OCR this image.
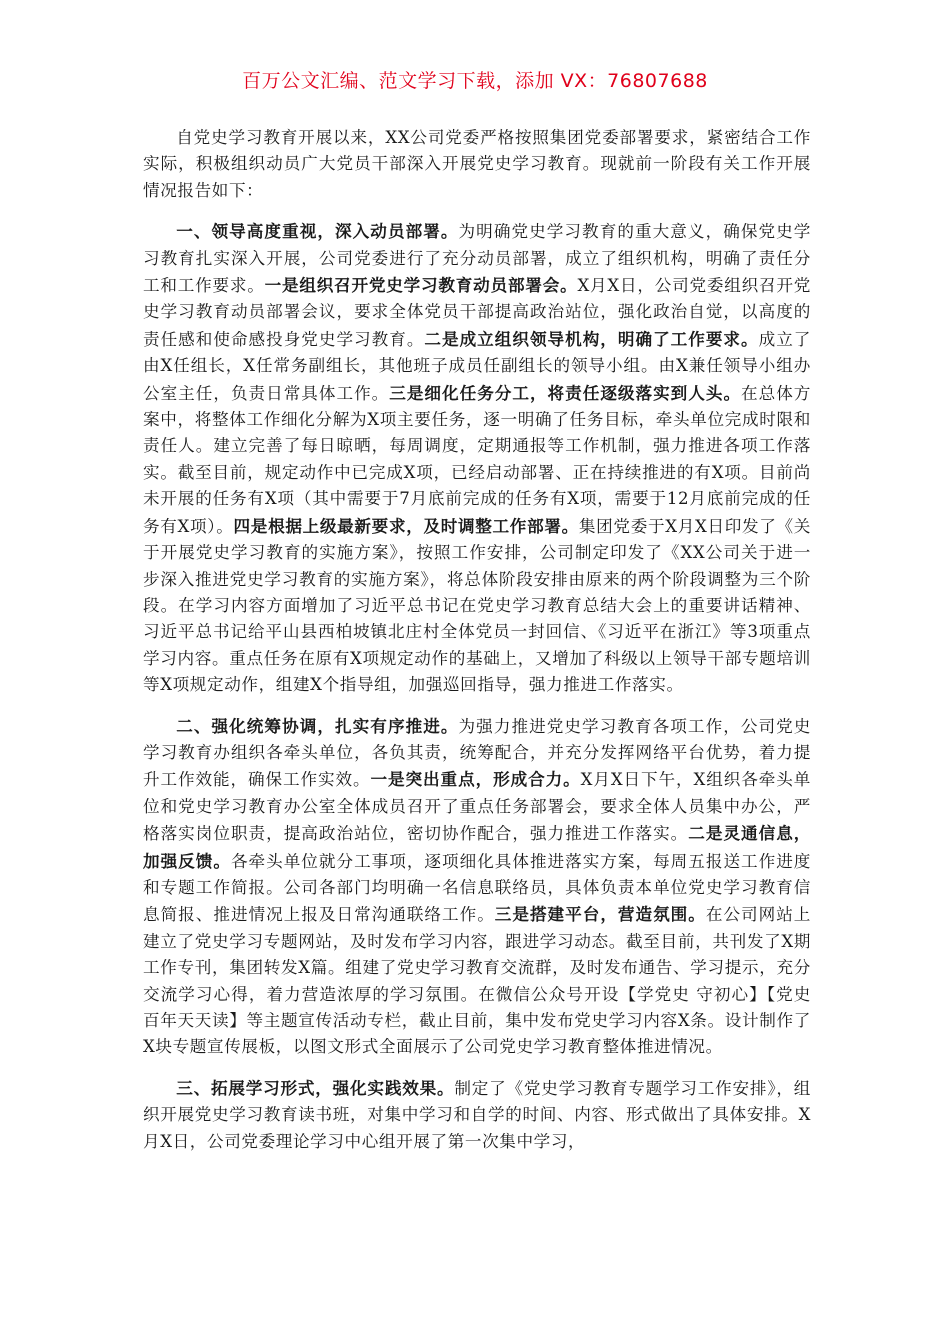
百万公文汇编、范文学习下载，添加 VX：76807688

自党史学习教育开展以来，XX公司党委严格按照集团党委部署要求，紧密结合工作实际，积极组织动员广大党员干部深入开展党史学习教育。现就前一阶段有关工作开展情况报告如下：

一、领导高度重视，深入动员部署。为明确党史学习教育的重大意义，确保党史学习教育扎实深入开展，公司党委进行了充分动员部署，成立了组织机构，明确了责任分工和工作要求。一是组织召开党史学习教育动员部署会。X月X日，公司党委组织召开党史学习教育动员部署会议，要求全体党员干部提高政治站位，强化政治自觉，以高度的责任感和使命感投身党史学习教育。二是成立组织领导机构，明确了工作要求。成立了由X任组长，X任常务副组长，其他班子成员任副组长的领导小组。由X兼任领导小组办公室主任，负责日常具体工作。三是细化任务分工，将责任逐级落实到人头。在总体方案中，将整体工作细化分解为X项主要任务，逐一明确了任务目标，牵头单位完成时限和责任人。建立完善了每日晾晒，每周调度，定期通报等工作机制，强力推进各项工作落实。截至目前，规定动作中已完成X项，已经启动部署、正在持续推进的有X项。目前尚未开展的任务有X项（其中需要于7月底前完成的任务有X项，需要于12月底前完成的任务有X项）。四是根据上级最新要求，及时调整工作部署。集团党委于X月X日印发了《关于开展党史学习教育的实施方案》，按照工作安排，公司制定印发了《XX公司关于进一步深入推进党史学习教育的实施方案》，将总体阶段安排由原来的两个阶段调整为三个阶段。在学习内容方面增加了习近平总书记在党史学习教育总结大会上的重要讲话精神、习近平总书记给平山县西柏坡镇北庄村全体党员一封回信、《习近平在浙江》等3项重点学习内容。重点任务在原有X项规定动作的基础上，又增加了科级以上领导干部专题培训等X项规定动作，组建X个指导组，加强巡回指导，强力推进工作落实。

二、强化统筹协调，扎实有序推进。为强力推进党史学习教育各项工作，公司党史学习教育办组织各牵头单位，各负其责，统筹配合，并充分发挥网络平台优势，着力提升工作效能，确保工作实效。一是突出重点，形成合力。X月X日下午，X组织各牵头单位和党史学习教育办公室全体成员召开了重点任务部署会，要求全体人员集中办公，严格落实岗位职责，提高政治站位，密切协作配合，强力推进工作落实。二是灵通信息，加强反馈。各牵头单位就分工事项，逐项细化具体推进落实方案，每周五报送工作进度和专题工作简报。公司各部门均明确一名信息联络员，具体负责本单位党史学习教育信息简报、推进情况上报及日常沟通联络工作。三是搭建平台，营造氛围。在公司网站上建立了党史学习专题网站，及时发布学习内容，跟进学习动态。截至目前，共刊发了X期工作专刊，集团转发X篇。组建了党史学习教育交流群，及时发布通告、学习提示，充分交流学习心得，着力营造浓厚的学习氛围。在微信公众号开设【学党史 守初心】【党史百年天天读】等主题宣传活动专栏，截止目前，集中发布党史学习内容X条。设计制作了X块专题宣传展板，以图文形式全面展示了公司党史学习教育整体推进情况。

三、拓展学习形式，强化实践效果。制定了《党史学习教育专题学习工作安排》，组织开展党史学习教育读书班，对集中学习和自学的时间、内容、形式做出了具体安排。X月X日，公司党委理论学习中心组开展了第一次集中学习，
